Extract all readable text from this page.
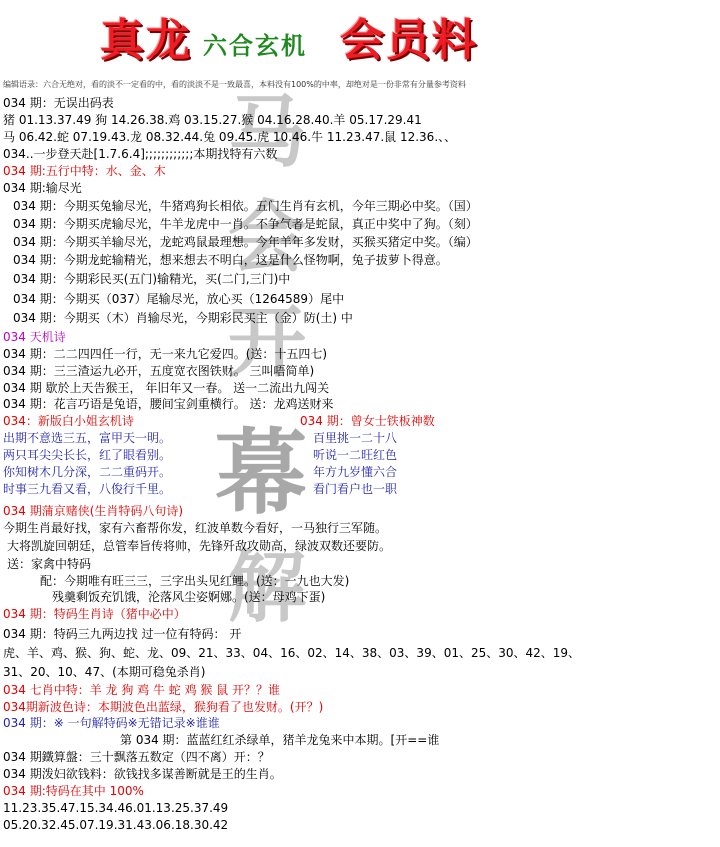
马
会
开
幕
解
真龙 六合玄机 会员料
编辑语录：六合无绝对，看的淡不一定看的中，看的淡淡不是一致最喜，本料没有100%的中率，却绝对是一份非常有分量参考资料
034 期：无误出码表
猪 01.13.37.49 狗 14.26.38.鸡 03.15.27.猴 04.16.28.40.羊 05.17.29.41
马 06.42.蛇 07.19.43.龙 08.32.44.兔 09.45.虎 10.46.牛 11.23.47.鼠 12.36.、、
034..一步登天赴[1.7.6.4];;;;;;;;;;;;本期找特有六数
034 期:五行中特：水、金、木
034 期:输尽光
034 期：今期买兔输尽光，牛猪鸡狗长相依。五门生肖有玄机，今年三期必中奖。（国）
034 期：今期买虎输尽光，牛羊龙虎中一肖。不争气者是蛇鼠，真正中奖中了狗。（刻）
034 期：今期买羊输尽光，龙蛇鸡鼠最理想。今年羊年多发财，买猴买猪定中奖。（编）
034 期：今期龙蛇输精光，想来想去不明白，这是什么怪物啊，兔子拔萝卜得意。
034 期：今期彩民买(五门)输精光，买(二门,三门)中
034 期：今期买（037）尾输尽光，放心买（1264589）尾中
034 期：今期买（木）肖输尽光，今期彩民买主（金）防(土) 中
034 天机诗
034 期：二二四四任一行，无一来九它爱四。(送：十五四七)
034 期：三三渣运九必开，五度宽衣图铁财。 三叫唔简单)
034 期 歇於上天告猴王， 年旧年又一春。 送一二流出九闯关
034 期：花言巧语是兔语，腰间宝剑重横行。 送：龙鸡送财来
034：新版白小姐玄机诗	034 期：曾女士铁板神数
出期不意选三五，富甲天一明。
两只耳尖尖长长，红了眼看别。
你知树木几分深，二二重码开。
时事三九看又看，八俊行千里。
百里挑一二十八
听说一二旺红色
年方九岁懂六合
看门看户也一职
034 期蒲京赌侠(生肖特码八句诗)
今期生肖最好找，家有六畜帮你发，红波单数今看好，一马独行三军随。
大将凯旋回朝廷，总管奉旨传将帅，先锋歼敌攻勋高，绿波双数还要防。
送：家禽中特码
配：今期唯有旺三三，三字出头见红鲤。(送：一九也大发)
残羹剩饭充饥饿，沦落风尘姿婀娜。(送：母鸡下蛋)
034 期：特码生肖诗（猪中必中）
034 期：特码三九两边找 过一位有特码： 开
虎、羊、鸡、猴、狗、蛇、龙、09、21、33、04、16、02、14、38、03、39、01、25、30、42、19、
31、20、10、47、(本期可稳兔杀肖)
034 七肖中特：羊 龙 狗 鸡 牛 蛇 鸡 猴 鼠 开？？谁
034期新波色诗：本期波色出蓝绿，猴狗看了也发财。(开？)
034 期：※ 一句解特码※无错记录※谁谁
第 034 期：蓝蓝红红杀绿单，猪羊龙兔来中本期。[开==谁
034 期鐵算盤：三十飘落五数定（四不离）开：？
034 期泼妇欲钱料：欲钱找多谋善断就是王的生肖。
034 期:特码在其中 100%
11.23.35.47.15.34.46.01.13.25.37.49
05.20.32.45.07.19.31.43.06.18.30.42
